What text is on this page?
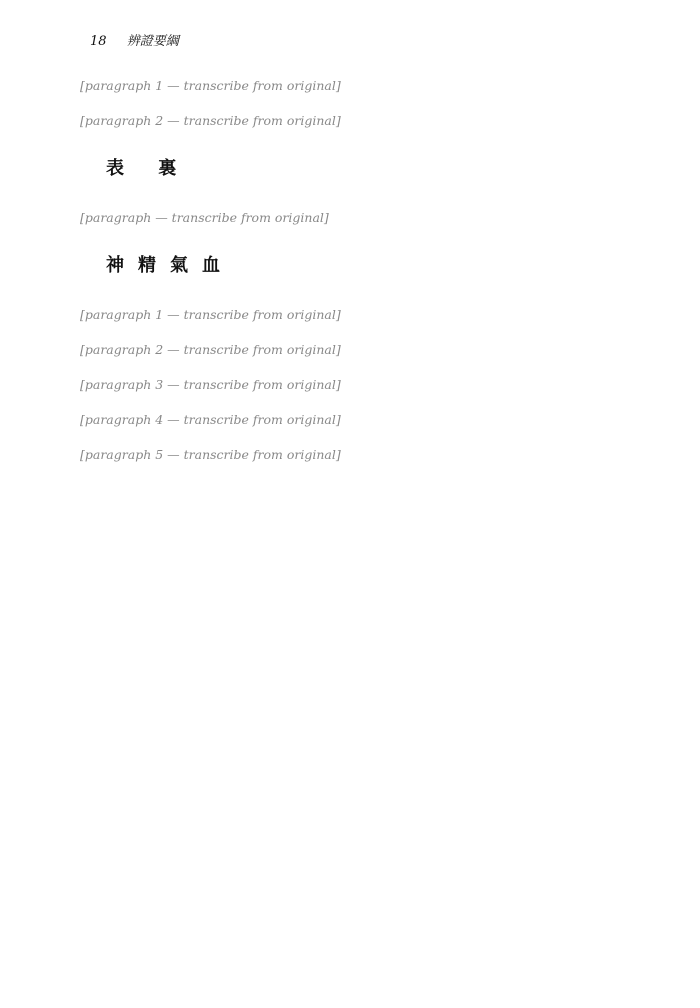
18 辨證要綱

[paragraph 1 — transcribe from original]

[paragraph 2 — transcribe from original]

表 裏

[paragraph — transcribe from original]

神精氣血

[paragraph 1 — transcribe from original]

[paragraph 2 — transcribe from original]

[paragraph 3 — transcribe from original]

[paragraph 4 — transcribe from original]

[paragraph 5 — transcribe from original]
